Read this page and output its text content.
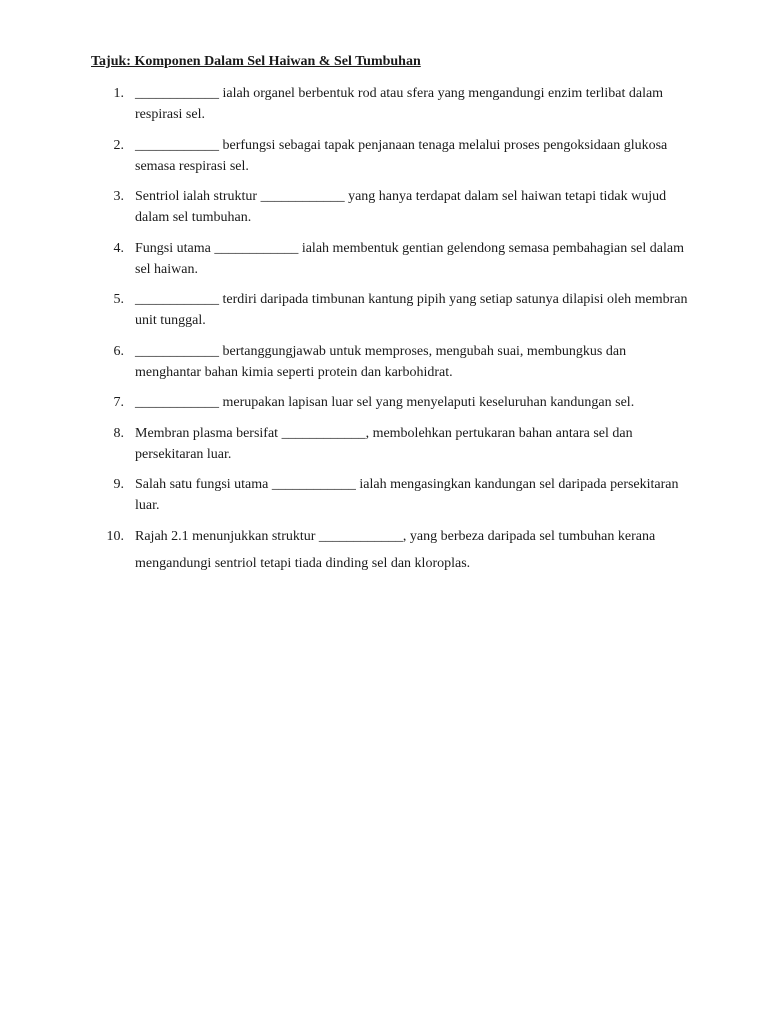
Tajuk: Komponen Dalam Sel Haiwan & Sel Tumbuhan
1. ____________ ialah organel berbentuk rod atau sfera yang mengandungi enzim terlibat dalam respirasi sel.
2. ____________ berfungsi sebagai tapak penjanaan tenaga melalui proses pengoksidaan glukosa semasa respirasi sel.
3. Sentriol ialah struktur ____________ yang hanya terdapat dalam sel haiwan tetapi tidak wujud dalam sel tumbuhan.
4. Fungsi utama ____________ ialah membentuk gentian gelendong semasa pembahagian sel dalam sel haiwan.
5. ____________ terdiri daripada timbunan kantung pipih yang setiap satunya dilapisi oleh membran unit tunggal.
6. ____________ bertanggungjawab untuk memproses, mengubah suai, membungkus dan menghantar bahan kimia seperti protein dan karbohidrat.
7. ____________ merupakan lapisan luar sel yang menyelaputi keseluruhan kandungan sel.
8. Membran plasma bersifat ____________, membolehkan pertukaran bahan antara sel dan persekitaran luar.
9. Salah satu fungsi utama ____________ ialah mengasingkan kandungan sel daripada persekitaran luar.
10. Rajah 2.1 menunjukkan struktur ____________, yang berbeza daripada sel tumbuhan kerana mengandungi sentriol tetapi tiada dinding sel dan kloroplas.
